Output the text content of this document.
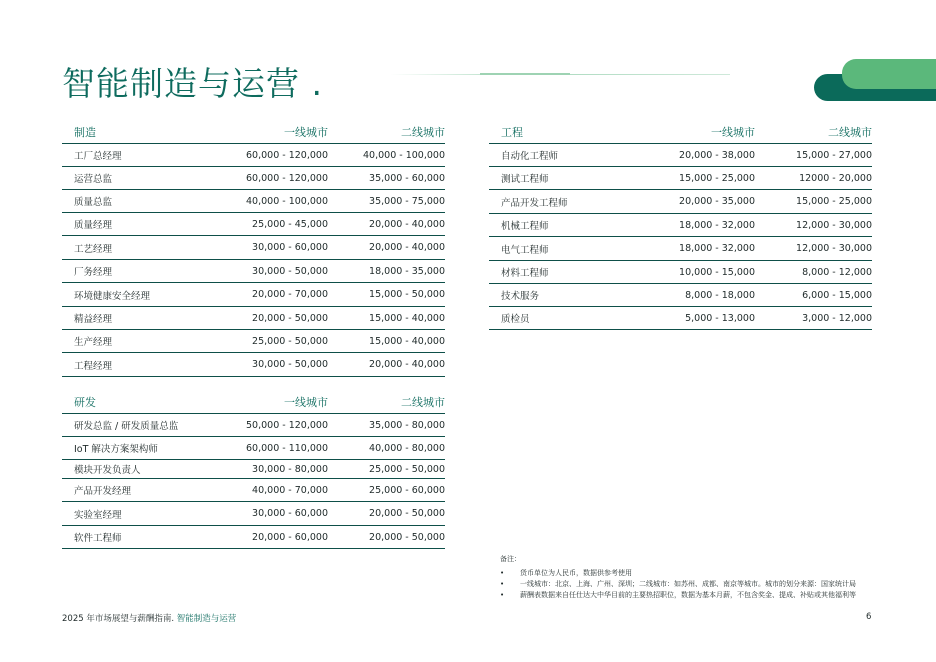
智能制造与运营 .
制造	一线城市	二线城市
工厂总经理	60,000 - 120,000	40,000 - 100,000
运营总监	60,000 - 120,000	35,000 - 60,000
质量总监	40,000 - 100,000	35,000 - 75,000
质量经理	25,000 - 45,000	20,000 - 40,000
工艺经理	30,000 - 60,000	20,000 - 40,000
厂务经理	30,000 - 50,000	18,000 - 35,000
环境健康安全经理	20,000 - 70,000	15,000 - 50,000
精益经理	20,000 - 50,000	15,000 - 40,000
生产经理	25,000 - 50,000	15,000 - 40,000
工程经理	30,000 - 50,000	20,000 - 40,000
工程	一线城市	二线城市
自动化工程师	20,000 - 38,000	15,000 - 27,000
测试工程师	15,000 - 25,000	12000 - 20,000
产品开发工程师	20,000 - 35,000	15,000 - 25,000
机械工程师	18,000 - 32,000	12,000 - 30,000
电气工程师	18,000 - 32,000	12,000 - 30,000
材料工程师	10,000 - 15,000	8,000 - 12,000
技术服务	8,000 - 18,000	6,000 - 15,000
质检员	5,000 - 13,000	3,000 - 12,000
研发	一线城市	二线城市
研发总监 / 研发质量总监	50,000 - 120,000	35,000 - 80,000
IoT 解决方案架构师	60,000 - 110,000	40,000 - 80,000
模块开发负责人	30,000 - 80,000	25,000 - 50,000
产品开发经理	40,000 - 70,000	25,000 - 60,000
实验室经理	30,000 - 60,000	20,000 - 50,000
软件工程师	20,000 - 60,000	20,000 - 50,000
备注：
•	货币单位为人民币，数据供参考使用
•	一线城市：北京、上海、广州、深圳；二线城市：如苏州、成都、南京等城市。城市的划分来源：国家统计局
•	薪酬表数据来自任仕达大中华目前的主要热招职位，数据为基本月薪，不包含奖金、提成、补贴或其他福利等
2025 年市场展望与薪酬指南. 智能制造与运营	6
